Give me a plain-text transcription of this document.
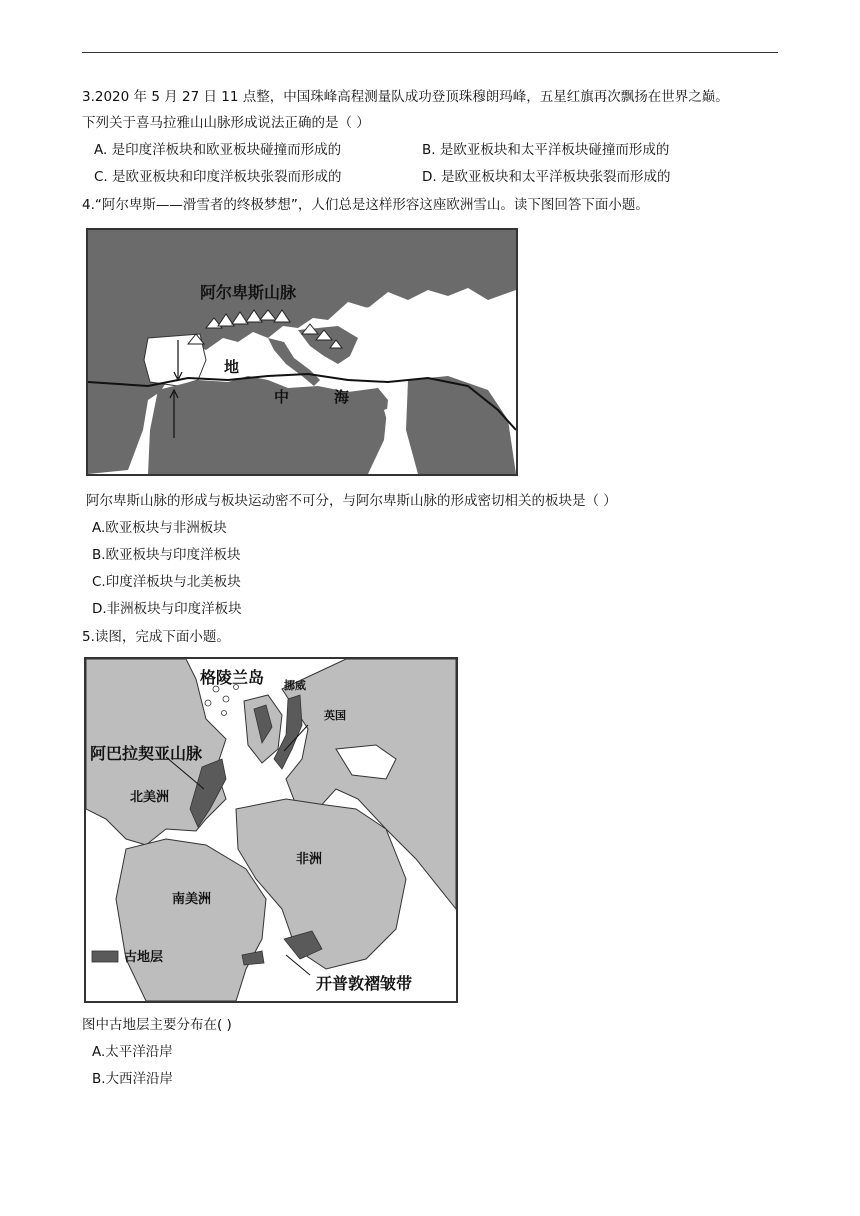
3.2020 年 5 月 27 日 11 点整，中国珠峰高程测量队成功登顶珠穆朗玛峰，五星红旗再次飘扬在世界之巅。
下列关于喜马拉雅山山脉形成说法正确的是（ ）
A. 是印度洋板块和欧亚板块碰撞而形成的	B. 是欧亚板块和太平洋板块碰撞而形成的
C. 是欧亚板块和印度洋板块张裂而形成的	D. 是欧亚板块和太平洋板块张裂而形成的
4.“阿尔卑斯——滑雪者的终极梦想”，人们总是这样形容这座欧洲雪山。读下图回答下面小题。
阿尔卑斯山脉
地
中	海
阿尔卑斯山脉的形成与板块运动密不可分，与阿尔卑斯山脉的形成密切相关的板块是（ ）
A.欧亚板块与非洲板块
B.欧亚板块与印度洋板块
C.印度洋板块与北美板块
D.非洲板块与印度洋板块
5.读图，完成下面小题。
古地层
格陵兰岛 挪威
英国
阿巴拉契亚山脉
北美洲
非洲
南美洲
开普敦褶皱带
图中古地层主要分布在( )
A.太平洋沿岸
B.大西洋沿岸
